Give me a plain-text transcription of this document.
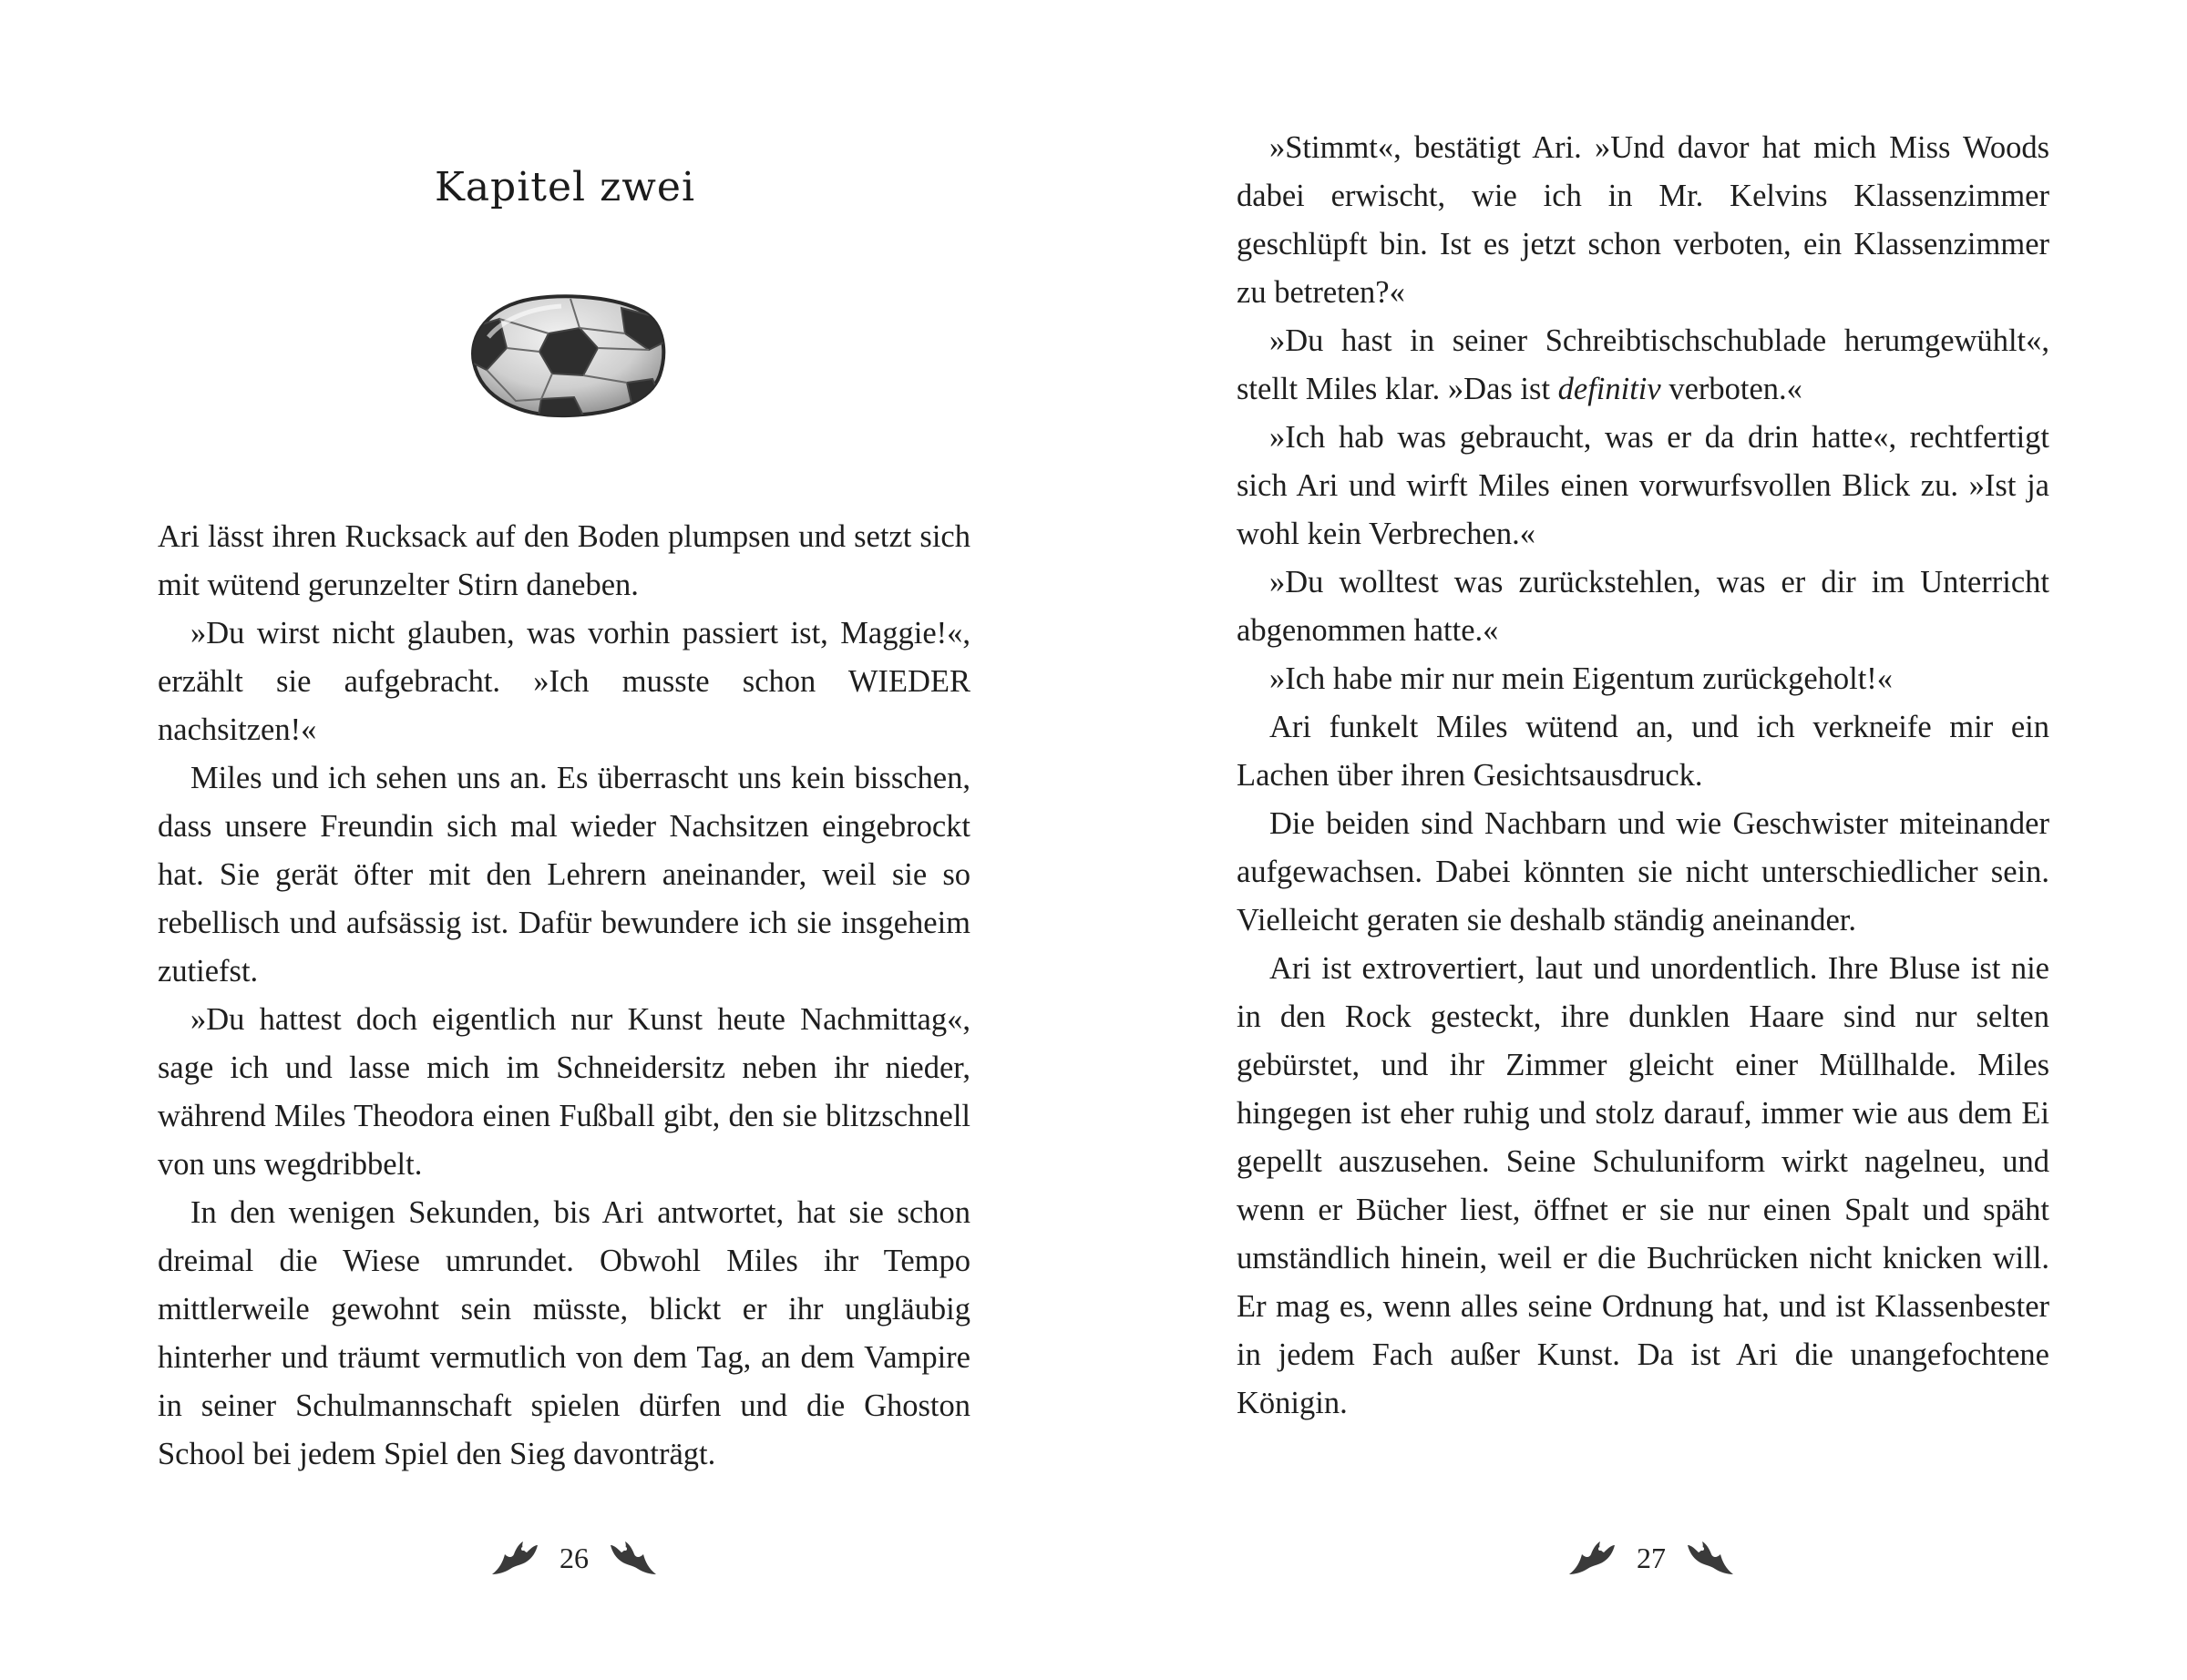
Kapitel zwei

Ari lässt ihren Rucksack auf den Boden plumpsen und setzt sich mit wütend gerunzelter Stirn daneben.

»Du wirst nicht glauben, was vorhin passiert ist, Maggie!«, erzählt sie aufgebracht. »Ich musste schon WIEDER nachsitzen!«

Miles und ich sehen uns an. Es überrascht uns kein bisschen, dass unsere Freundin sich mal wieder Nachsitzen eingebrockt hat. Sie gerät öfter mit den Lehrern aneinander, weil sie so rebellisch und aufsässig ist. Dafür bewundere ich sie insgeheim zutiefst.

»Du hattest doch eigentlich nur Kunst heute Nachmittag«, sage ich und lasse mich im Schneidersitz neben ihr nieder, während Miles Theodora einen Fußball gibt, den sie blitzschnell von uns wegdribbelt.

In den wenigen Sekunden, bis Ari antwortet, hat sie schon dreimal die Wiese umrundet. Obwohl Miles ihr Tempo mittlerweile gewohnt sein müsste, blickt er ihr ungläubig hinterher und träumt vermutlich von dem Tag, an dem Vampire in seiner Schulmannschaft spielen dürfen und die Ghoston School bei jedem Spiel den Sieg davonträgt.

26

»Stimmt«, bestätigt Ari. »Und davor hat mich Miss Woods dabei erwischt, wie ich in Mr. Kelvins Klassenzimmer geschlüpft bin. Ist es jetzt schon verboten, ein Klassenzimmer zu betreten?«

»Du hast in seiner Schreibtischschublade herumgewühlt«, stellt Miles klar. »Das ist definitiv verboten.«

»Ich hab was gebraucht, was er da drin hatte«, rechtfertigt sich Ari und wirft Miles einen vorwurfsvollen Blick zu. »Ist ja wohl kein Verbrechen.«

»Du wolltest was zurückstehlen, was er dir im Unterricht abgenommen hatte.«

»Ich habe mir nur mein Eigentum zurückgeholt!«

Ari funkelt Miles wütend an, und ich verkneife mir ein Lachen über ihren Gesichtsausdruck.

Die beiden sind Nachbarn und wie Geschwister miteinander aufgewachsen. Dabei könnten sie nicht unterschiedlicher sein. Vielleicht geraten sie deshalb ständig aneinander.

Ari ist extrovertiert, laut und unordentlich. Ihre Bluse ist nie in den Rock gesteckt, ihre dunklen Haare sind nur selten gebürstet, und ihr Zimmer gleicht einer Müllhalde. Miles hingegen ist eher ruhig und stolz darauf, immer wie aus dem Ei gepellt auszusehen. Seine Schuluniform wirkt nagelneu, und wenn er Bücher liest, öffnet er sie nur einen Spalt und späht umständlich hinein, weil er die Buchrücken nicht knicken will. Er mag es, wenn alles seine Ordnung hat, und ist Klassenbester in jedem Fach außer Kunst. Da ist Ari die unangefochtene Königin.

27
